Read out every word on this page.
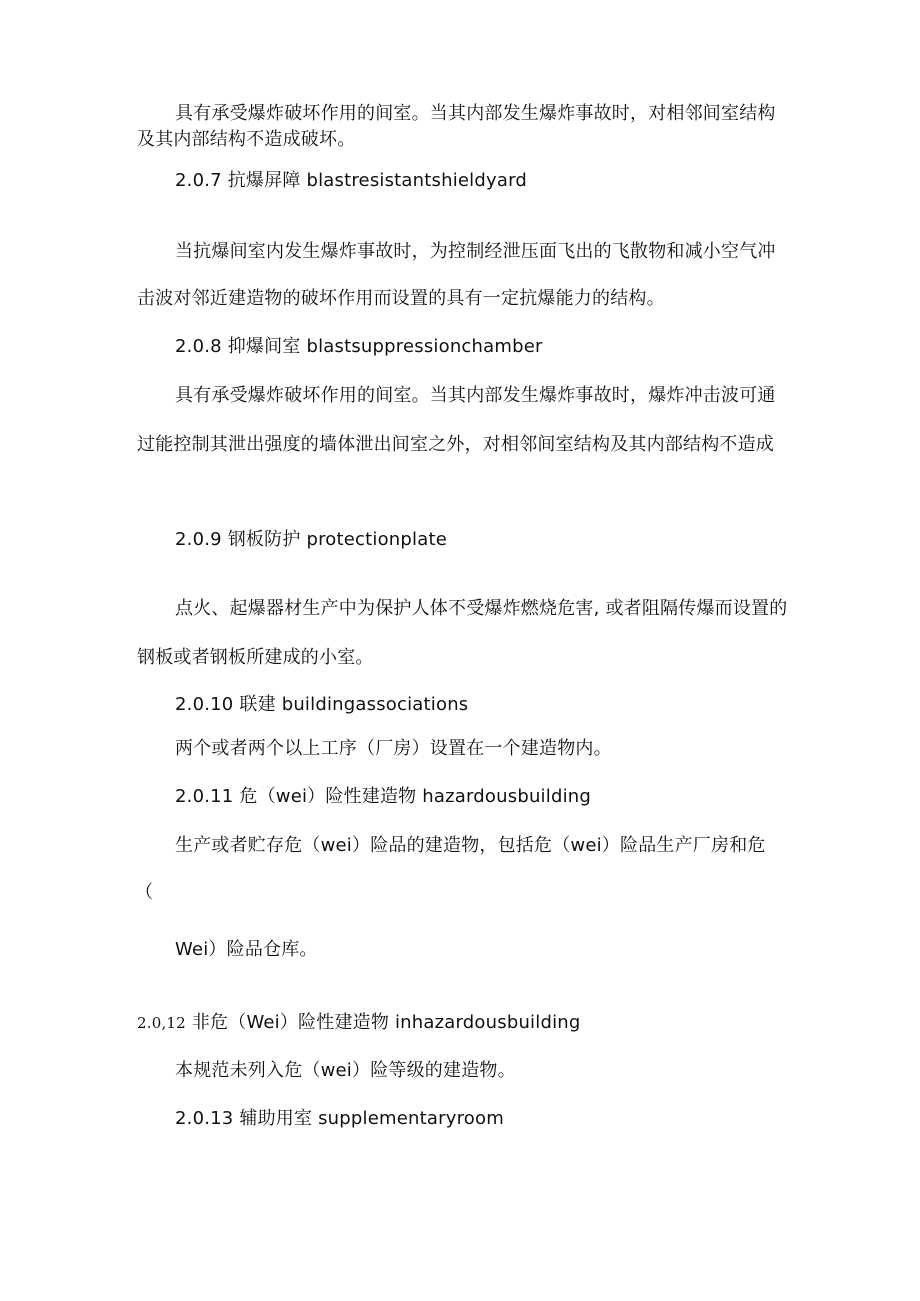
具有承受爆炸破坏作用的间室。当其内部发生爆炸事故时，对相邻间室结构
及其内部结构不造成破坏。
2.0.7 抗爆屏障 blastresistantshieldyard
当抗爆间室内发生爆炸事故时，为控制经泄压面飞出的飞散物和减小空气冲
击波对邻近建造物的破坏作用而设置的具有一定抗爆能力的结构。
2.0.8 抑爆间室 blastsuppressionchamber
具有承受爆炸破坏作用的间室。当其内部发生爆炸事故时，爆炸冲击波可通
过能控制其泄出强度的墙体泄出间室之外，对相邻间室结构及其内部结构不造成
2.0.9 钢板防护 protectionplate
点火、起爆器材生产中为保护人体不受爆炸燃烧危害, 或者阻隔传爆而设置的
钢板或者钢板所建成的小室。
2.0.10 联建 buildingassociations
两个或者两个以上工序（厂房）设置在一个建造物内。
2.0.11 危（wei）险性建造物 hazardousbuilding
生产或者贮存危（wei）险品的建造物，包括危（wei）险品生产厂房和危
（
Wei）险品仓库。
2.0,12 非危（Wei）险性建造物 inhazardousbuilding
本规范未列入危（wei）险等级的建造物。
2.0.13 辅助用室 supplementaryroom
